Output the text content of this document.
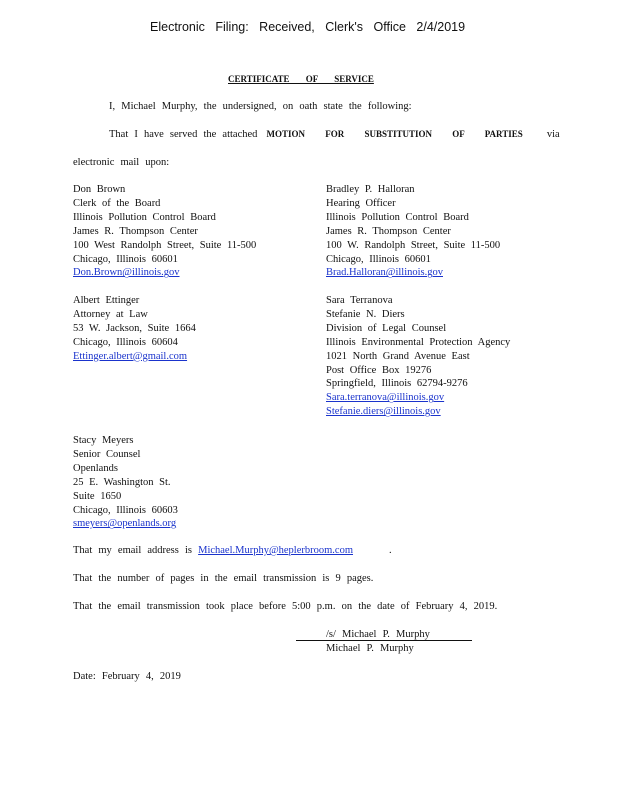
Electronic Filing: Received, Clerk's Office 2/4/2019
CERTIFICATE OF SERVICE
I, Michael Murphy, the undersigned, on oath state the following:
That I have served the attached MOTION FOR SUBSTITUTION OF PARTIES via
electronic mail upon:
Don Brown
Clerk of the Board
Illinois Pollution Control Board
James R. Thompson Center
100 West Randolph Street, Suite 11-500
Chicago, Illinois 60601
Don.Brown@illinois.gov
Bradley P. Halloran
Hearing Officer
Illinois Pollution Control Board
James R. Thompson Center
100 W. Randolph Street, Suite 11-500
Chicago, Illinois 60601
Brad.Halloran@illinois.gov
Albert Ettinger
Attorney at Law
53 W. Jackson, Suite 1664
Chicago, Illinois 60604
Ettinger.albert@gmail.com
Sara Terranova
Stefanie N. Diers
Division of Legal Counsel
Illinois Environmental Protection Agency
1021 North Grand Avenue East
Post Office Box 19276
Springfield, Illinois 62794-9276
Sara.terranova@illinois.gov
Stefanie.diers@illinois.gov
Stacy Meyers
Senior Counsel
Openlands
25 E. Washington St.
Suite 1650
Chicago, Illinois 60603
smeyers@openlands.org
That my email address is Michael.Murphy@heplerbroom.com	.
That the number of pages in the email transmission is 9 pages.
That the email transmission took place before 5:00 p.m. on the date of February 4, 2019.
/s/ Michael P. Murphy
Michael P. Murphy
Date: February 4, 2019
